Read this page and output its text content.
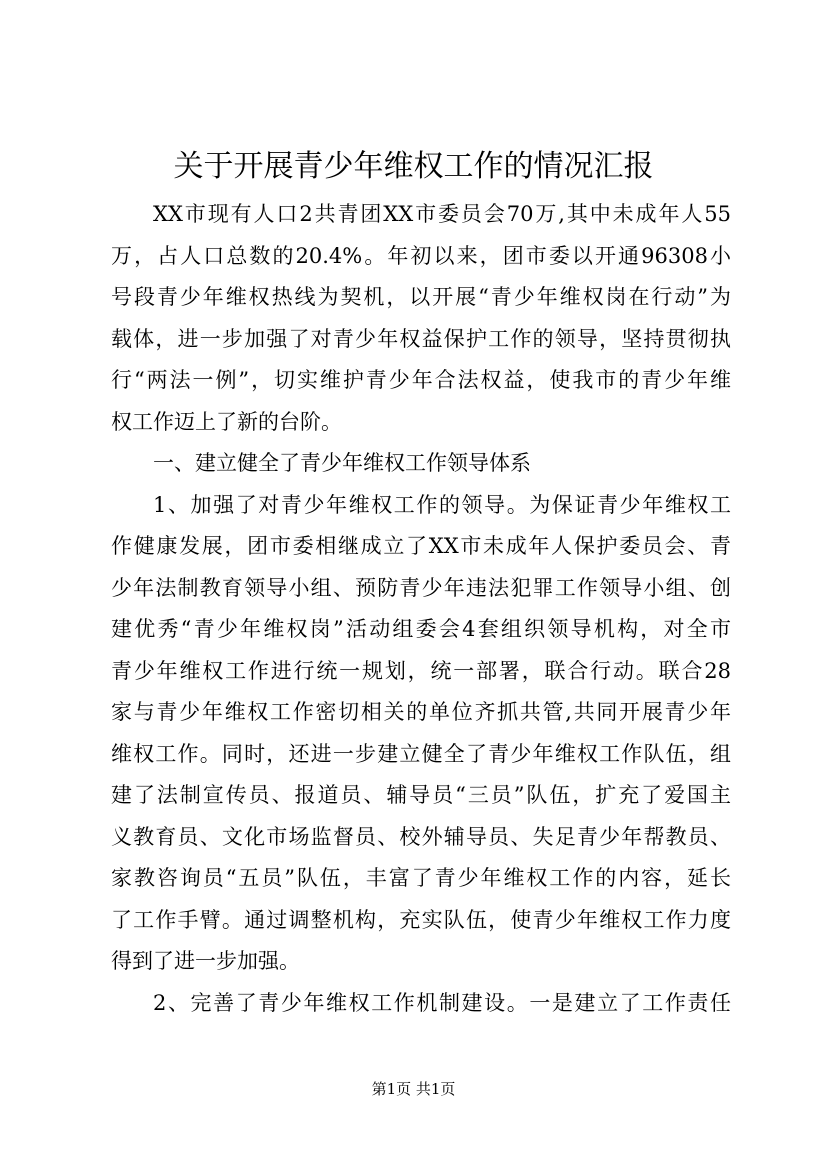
关于开展青少年维权工作的情况汇报
XX市现有人口2共青团XX市委员会70万,其中未成年人55
万，占人口总数的20.4%。年初以来，团市委以开通96308小
号段青少年维权热线为契机，以开展“青少年维权岗在行动”为
载体，进一步加强了对青少年权益保护工作的领导，坚持贯彻执
行“两法一例”，切实维护青少年合法权益，使我市的青少年维
权工作迈上了新的台阶。
一、建立健全了青少年维权工作领导体系
1、加强了对青少年维权工作的领导。为保证青少年维权工
作健康发展，团市委相继成立了XX市未成年人保护委员会、青
少年法制教育领导小组、预防青少年违法犯罪工作领导小组、创
建优秀“青少年维权岗”活动组委会4套组织领导机构，对全市
青少年维权工作进行统一规划，统一部署，联合行动。联合28
家与青少年维权工作密切相关的单位齐抓共管,共同开展青少年
维权工作。同时，还进一步建立健全了青少年维权工作队伍，组
建了法制宣传员、报道员、辅导员“三员”队伍，扩充了爱国主
义教育员、文化市场监督员、校外辅导员、失足青少年帮教员、
家教咨询员“五员”队伍，丰富了青少年维权工作的内容，延长
了工作手臂。通过调整机构，充实队伍，使青少年维权工作力度
得到了进一步加强。
2、完善了青少年维权工作机制建设。一是建立了工作责任
第1页 共1页
